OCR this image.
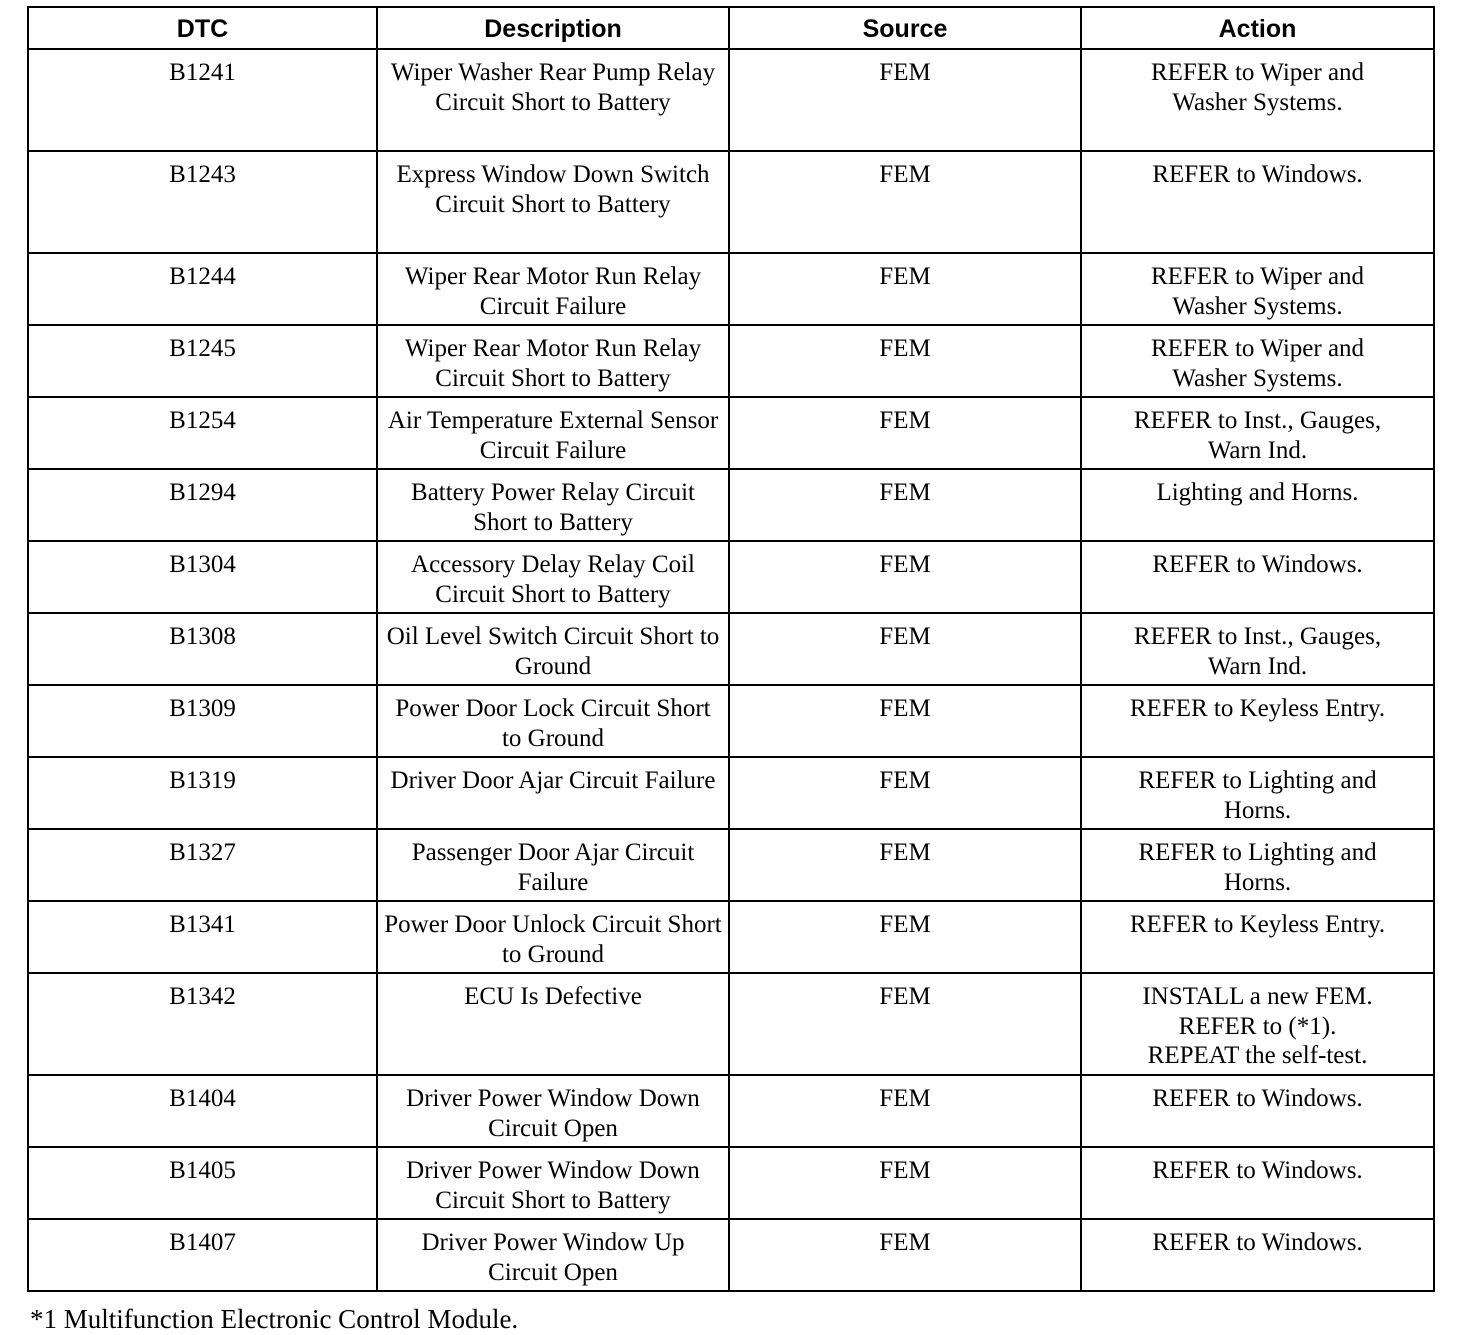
DTC	Description	Source	Action
B1241	Wiper Washer Rear Pump Relay Circuit Short to Battery	FEM	REFER to Wiper and
Washer Systems.
B1243	Express Window Down Switch Circuit Short to Battery	FEM	REFER to Windows.
B1244	Wiper Rear Motor Run Relay Circuit Failure	FEM	REFER to Wiper and
Washer Systems.
B1245	Wiper Rear Motor Run Relay Circuit Short to Battery	FEM	REFER to Wiper and
Washer Systems.
B1254	Air Temperature External Sensor Circuit Failure	FEM	REFER to Inst., Gauges,
Warn Ind.
B1294	Battery Power Relay Circuit Short to Battery	FEM	Lighting and Horns.
B1304	Accessory Delay Relay Coil Circuit Short to Battery	FEM	REFER to Windows.
B1308	Oil Level Switch Circuit Short to Ground	FEM	REFER to Inst., Gauges,
Warn Ind.
B1309	Power Door Lock Circuit Short to Ground	FEM	REFER to Keyless Entry.
B1319	Driver Door Ajar Circuit Failure	FEM	REFER to Lighting and
Horns.
B1327	Passenger Door Ajar Circuit Failure	FEM	REFER to Lighting and
Horns.
B1341	Power Door Unlock Circuit Short to Ground	FEM	REFER to Keyless Entry.
B1342	ECU Is Defective	FEM	INSTALL a new FEM.
REFER to (*1).
REPEAT the self-test.
B1404	Driver Power Window Down Circuit Open	FEM	REFER to Windows.
B1405	Driver Power Window Down Circuit Short to Battery	FEM	REFER to Windows.
B1407	Driver Power Window Up Circuit Open	FEM	REFER to Windows.
*1 Multifunction Electronic Control Module.
